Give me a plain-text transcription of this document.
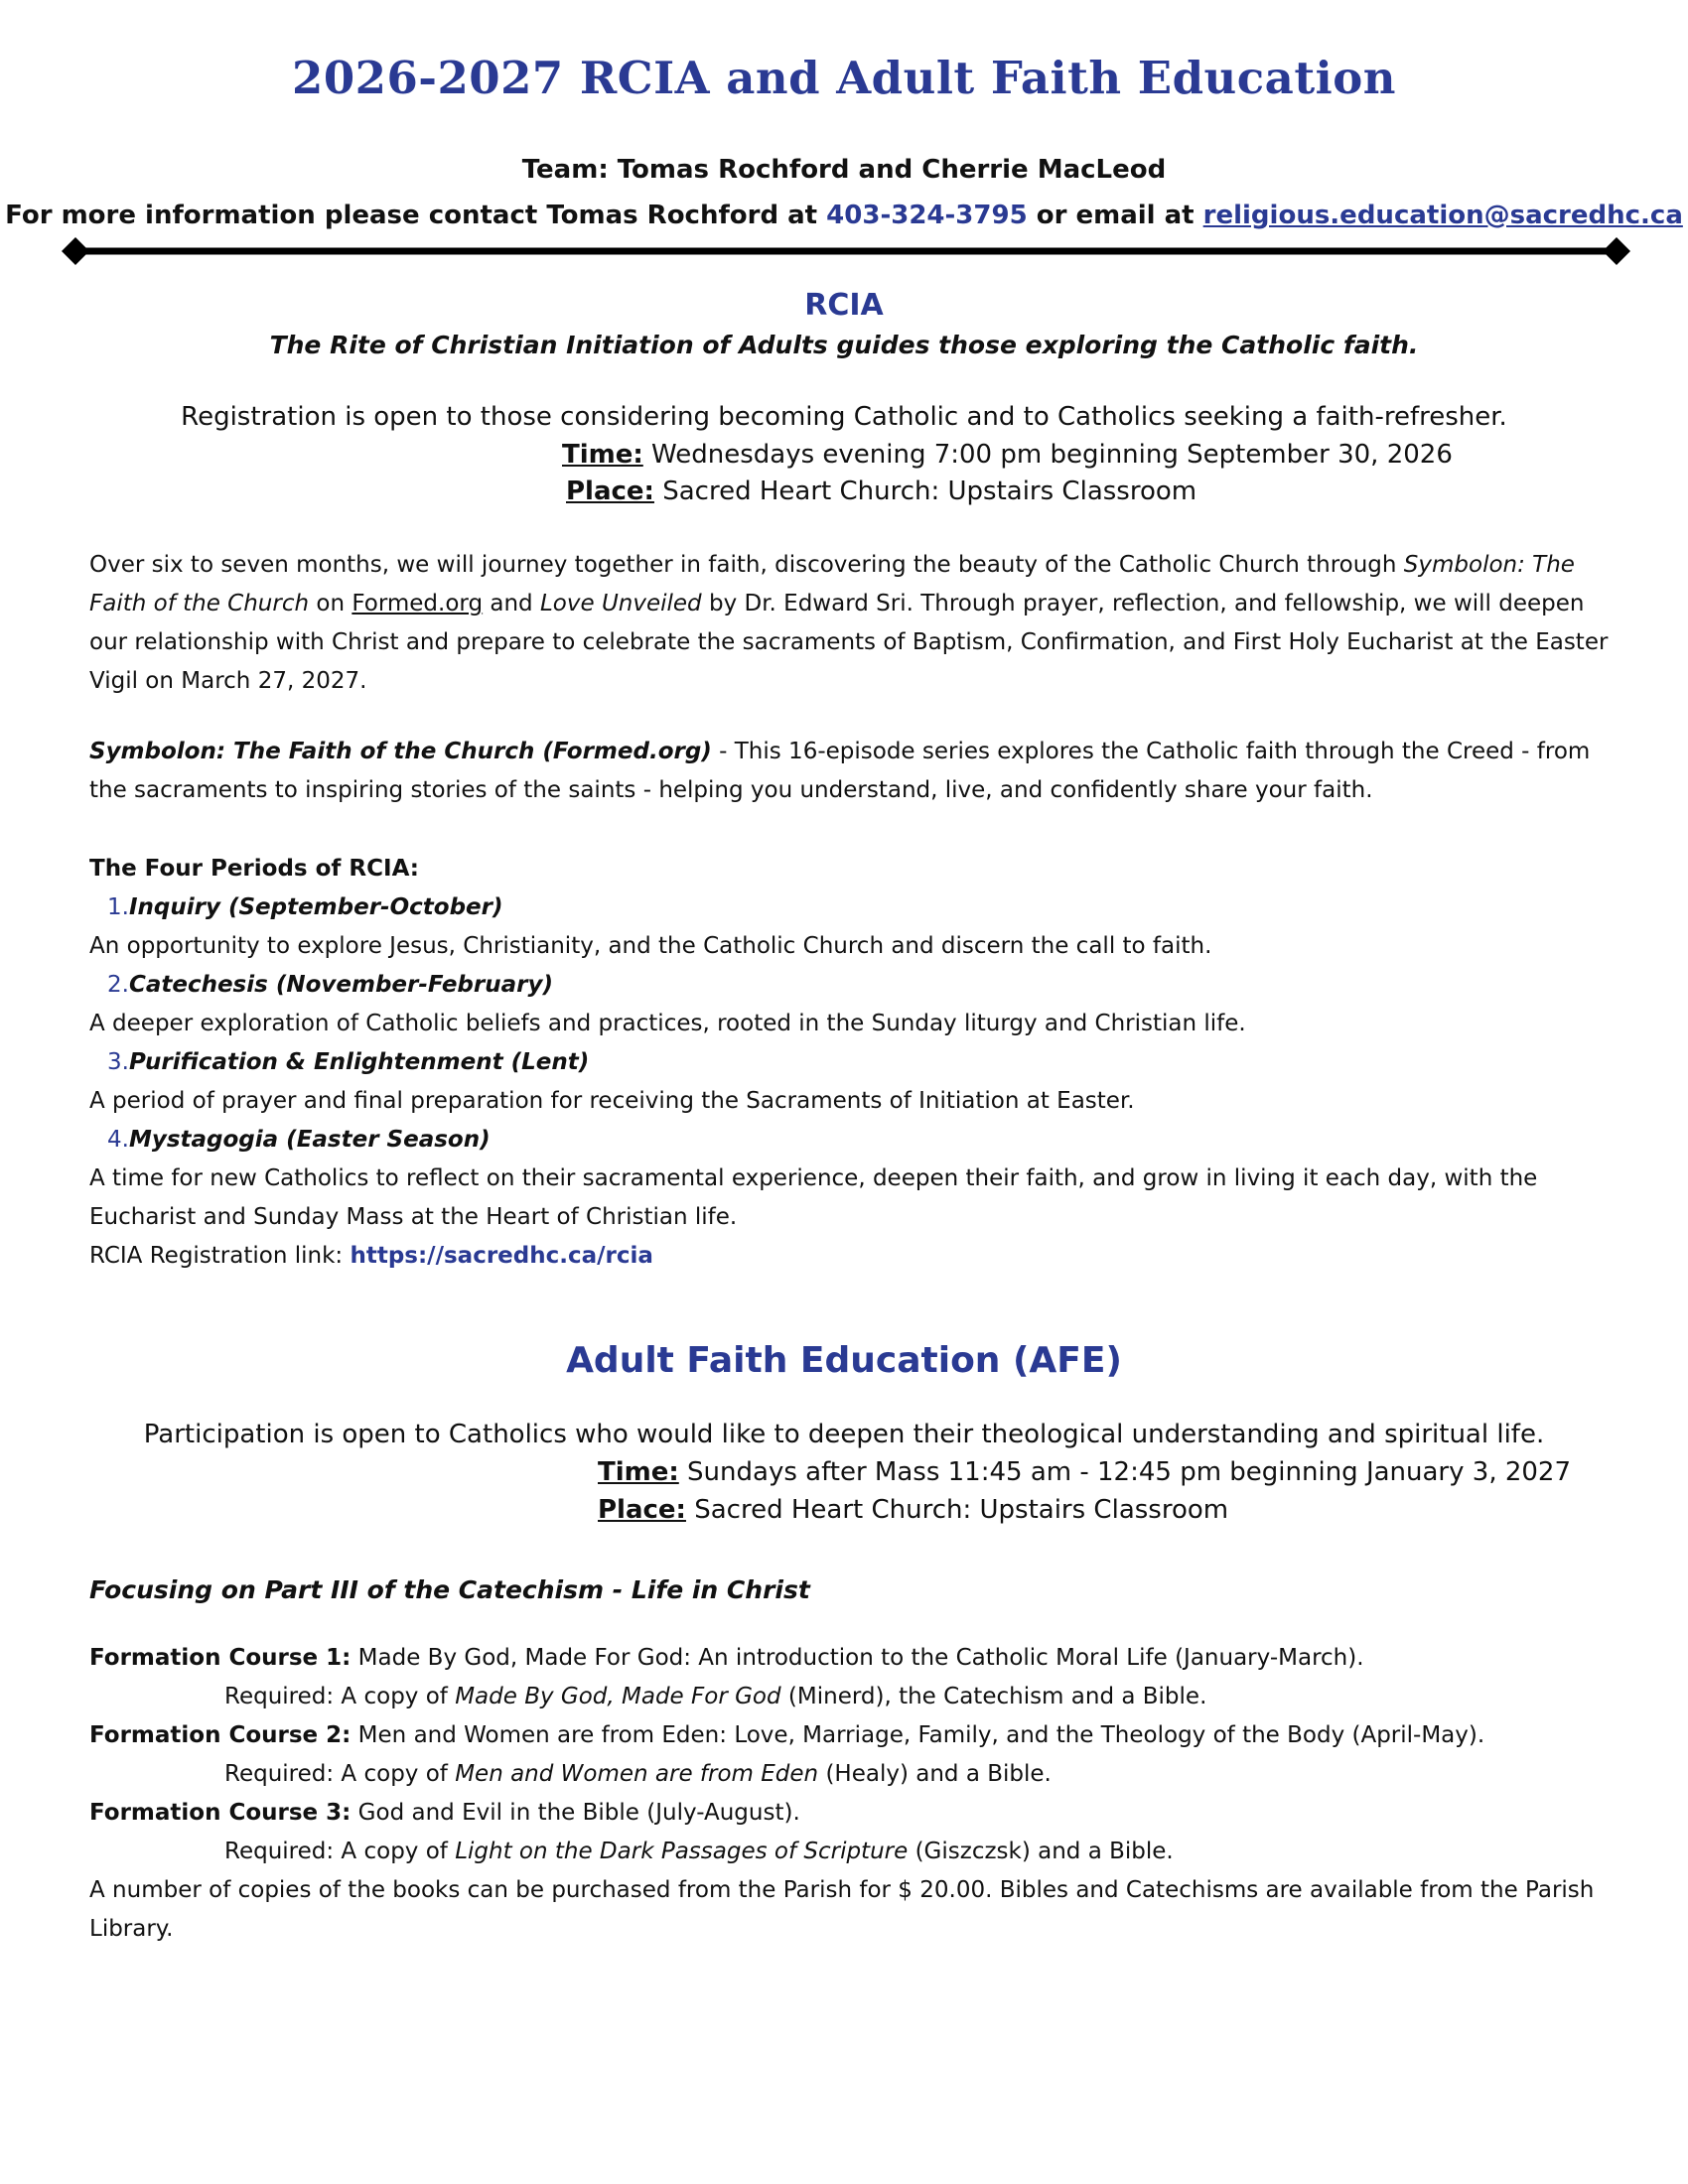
2026-2027 RCIA and Adult Faith Education
Team: Tomas Rochford and Cherrie MacLeod
For more information please contact Tomas Rochford at 403-324-3795 or email at religious.education@sacredhc.ca
RCIA
The Rite of Christian Initiation of Adults guides those exploring the Catholic faith.
Registration is open to those considering becoming Catholic and to Catholics seeking a faith-refresher.
Time: Wednesdays evening 7:00 pm beginning September 30, 2026
Place: Sacred Heart Church: Upstairs Classroom
Over six to seven months, we will journey together in faith, discovering the beauty of the Catholic Church through Symbolon: The Faith of the Church on Formed.org and Love Unveiled by Dr. Edward Sri. Through prayer, reflection, and fellowship, we will deepen our relationship with Christ and prepare to celebrate the sacraments of Baptism, Confirmation, and First Holy Eucharist at the Easter Vigil on March 27, 2027.
Symbolon: The Faith of the Church (Formed.org) - This 16-episode series explores the Catholic faith through the Creed - from the sacraments to inspiring stories of the saints - helping you understand, live, and confidently share your faith.
The Four Periods of RCIA:
1.Inquiry (September-October)
An opportunity to explore Jesus, Christianity, and the Catholic Church and discern the call to faith.
2.Catechesis (November-February)
A deeper exploration of Catholic beliefs and practices, rooted in the Sunday liturgy and Christian life.
3.Purification & Enlightenment (Lent)
A period of prayer and final preparation for receiving the Sacraments of Initiation at Easter.
4.Mystagogia (Easter Season)
A time for new Catholics to reflect on their sacramental experience, deepen their faith, and grow in living it each day, with the Eucharist and Sunday Mass at the Heart of Christian life.
RCIA Registration link: https://sacredhc.ca/rcia
Adult Faith Education (AFE)
Participation is open to Catholics who would like to deepen their theological understanding and spiritual life.
Time: Sundays after Mass 11:45 am - 12:45 pm beginning January 3, 2027
Place: Sacred Heart Church: Upstairs Classroom
Focusing on Part III of the Catechism - Life in Christ
Formation Course 1: Made By God, Made For God: An introduction to the Catholic Moral Life (January-March).
Required: A copy of Made By God, Made For God (Minerd), the Catechism and a Bible.
Formation Course 2: Men and Women are from Eden: Love, Marriage, Family, and the Theology of the Body (April-May).
Required: A copy of Men and Women are from Eden (Healy) and a Bible.
Formation Course 3: God and Evil in the Bible (July-August).
Required: A copy of Light on the Dark Passages of Scripture (Giszczsk) and a Bible.
A number of copies of the books can be purchased from the Parish for $ 20.00. Bibles and Catechisms are available from the Parish Library.
